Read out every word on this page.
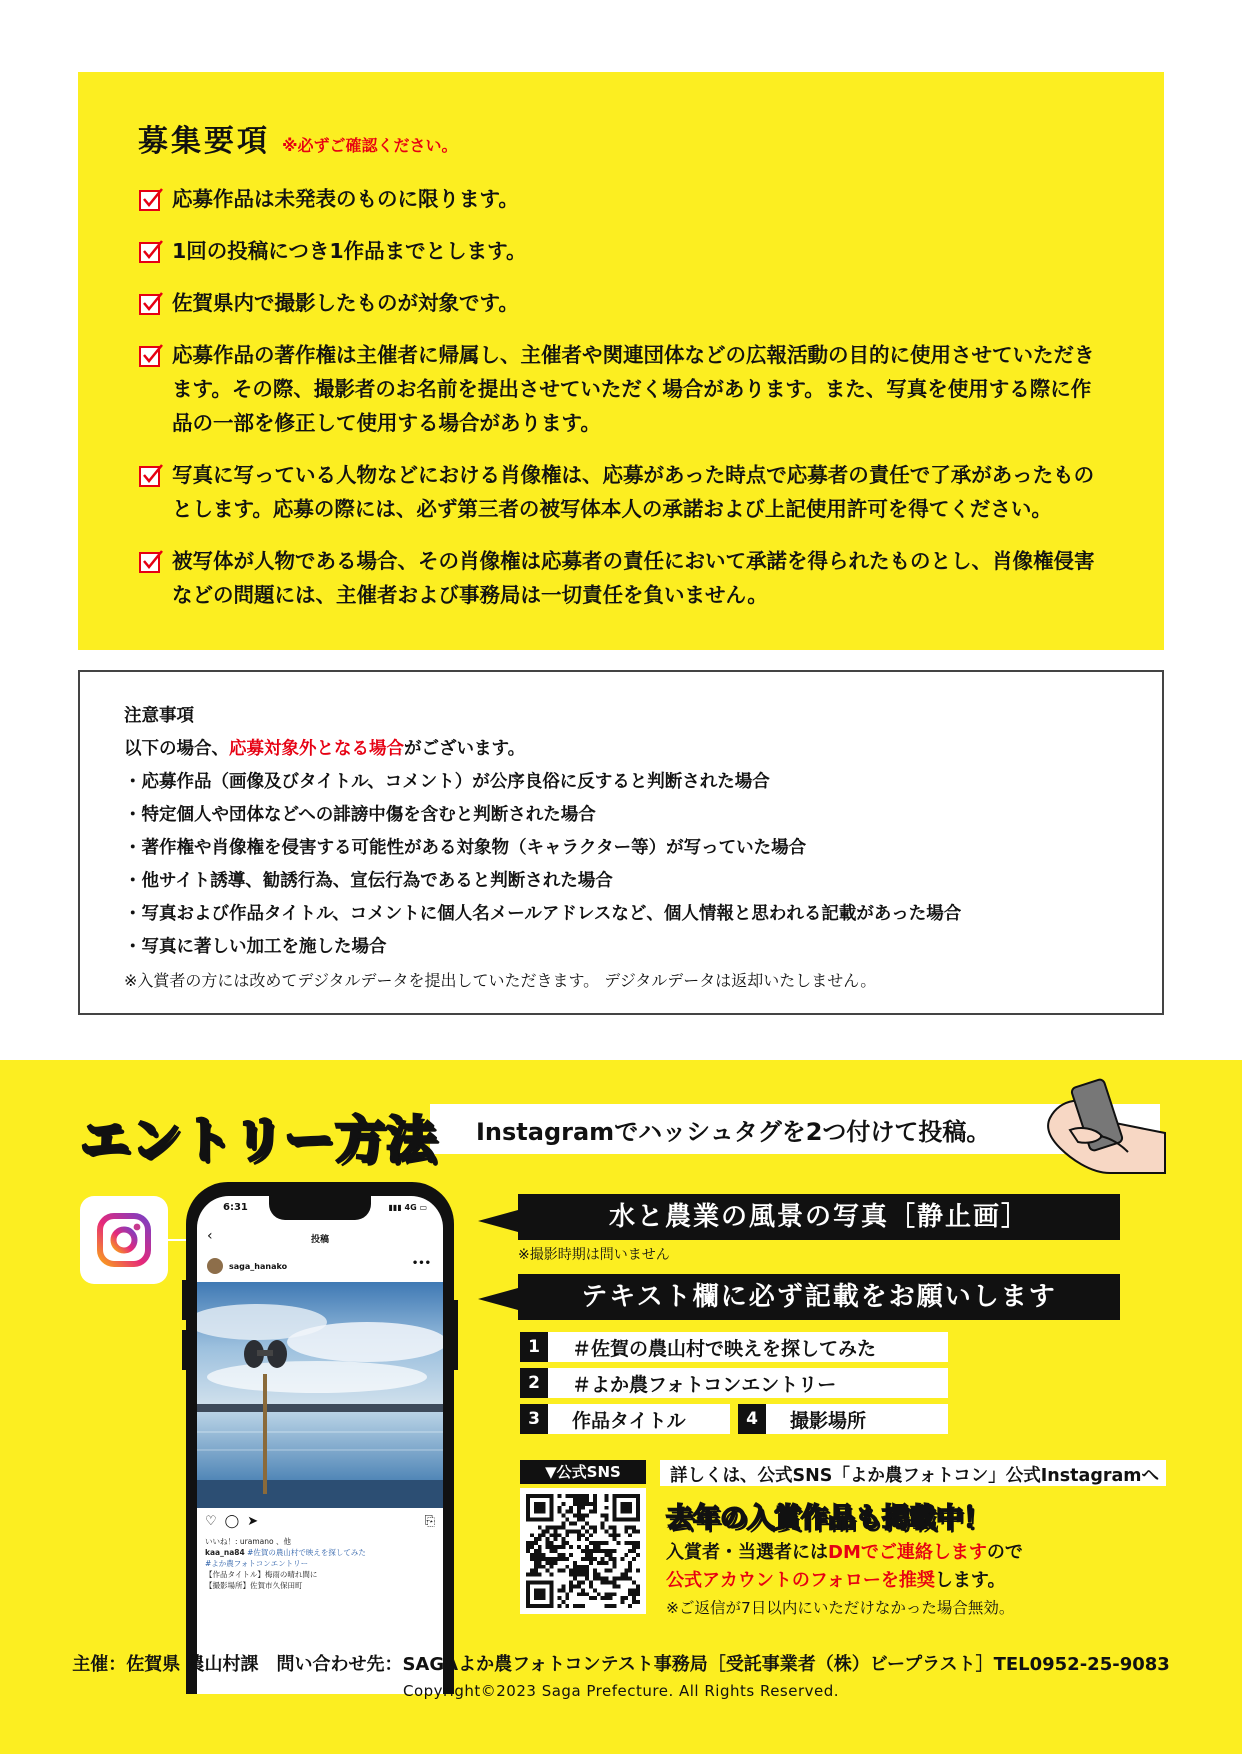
募集要項 ※必ずご確認ください。
応募作品は未発表のものに限ります。
1回の投稿につき1作品までとします。
佐賀県内で撮影したものが対象です。
応募作品の著作権は主催者に帰属し、主催者や関連団体などの広報活動の目的に使用させていただきます。その際、撮影者のお名前を提出させていただく場合があります。また、写真を使用する際に作品の一部を修正して使用する場合があります。
写真に写っている人物などにおける肖像権は、応募があった時点で応募者の責任で了承があったものとします。応募の際には、必ず第三者の被写体本人の承諾および上記使用許可を得てください。
被写体が人物である場合、その肖像権は応募者の責任において承諾を得られたものとし、肖像権侵害などの問題には、主催者および事務局は一切責任を負いません。
注意事項
以下の場合、応募対象外となる場合がございます。
・応募作品（画像及びタイトル、コメント）が公序良俗に反すると判断された場合
・特定個人や団体などへの誹謗中傷を含むと判断された場合
・著作権や肖像権を侵害する可能性がある対象物（キャラクター等）が写っていた場合
・他サイト誘導、勧誘行為、宣伝行為であると判断された場合
・写真および作品タイトル、コメントに個人名メールアドレスなど、個人情報と思われる記載があった場合
・写真に著しい加工を施した場合
※入賞者の方には改めてデジタルデータを提出していただきます。 デジタルデータは返却いたしません。
エントリー方法 Instagramでハッシュタグを2つ付けて投稿。
6:31	▮▮▮ 4G ▭
‹	投稿
saga_hanako	•••
♡ ◯ ➤	⎘
いいね！: uramano 、他
kaa_na84 #佐賀の農山村で映えを探してみた
#よか農フォトコンエントリー
【作品タイトル】梅雨の晴れ間に
【撮影場所】佐賀市久保田町
水と農業の風景の写真［静止画］
※撮影時期は問いません
テキスト欄に必ず記載をお願いします
1	＃佐賀の農山村で映えを探してみた
2	＃よか農フォトコンエントリー
3	作品タイトル	4	撮影場所
▼公式SNS	詳しくは、公式SNS「よか農フォトコン」公式Instagramへ
去年の入賞作品も掲載中！
入賞者・当選者にはDMでご連絡しますので
公式アカウントのフォローを推奨します。
※ご返信が7日以内にいただけなかった場合無効。
主催：佐賀県 農山村課　問い合わせ先：SAGAよか農フォトコンテスト事務局［受託事業者（株）ビープラスト］TEL0952-25-9083
Copyright©2023 Saga Prefecture. All Rights Reserved.
